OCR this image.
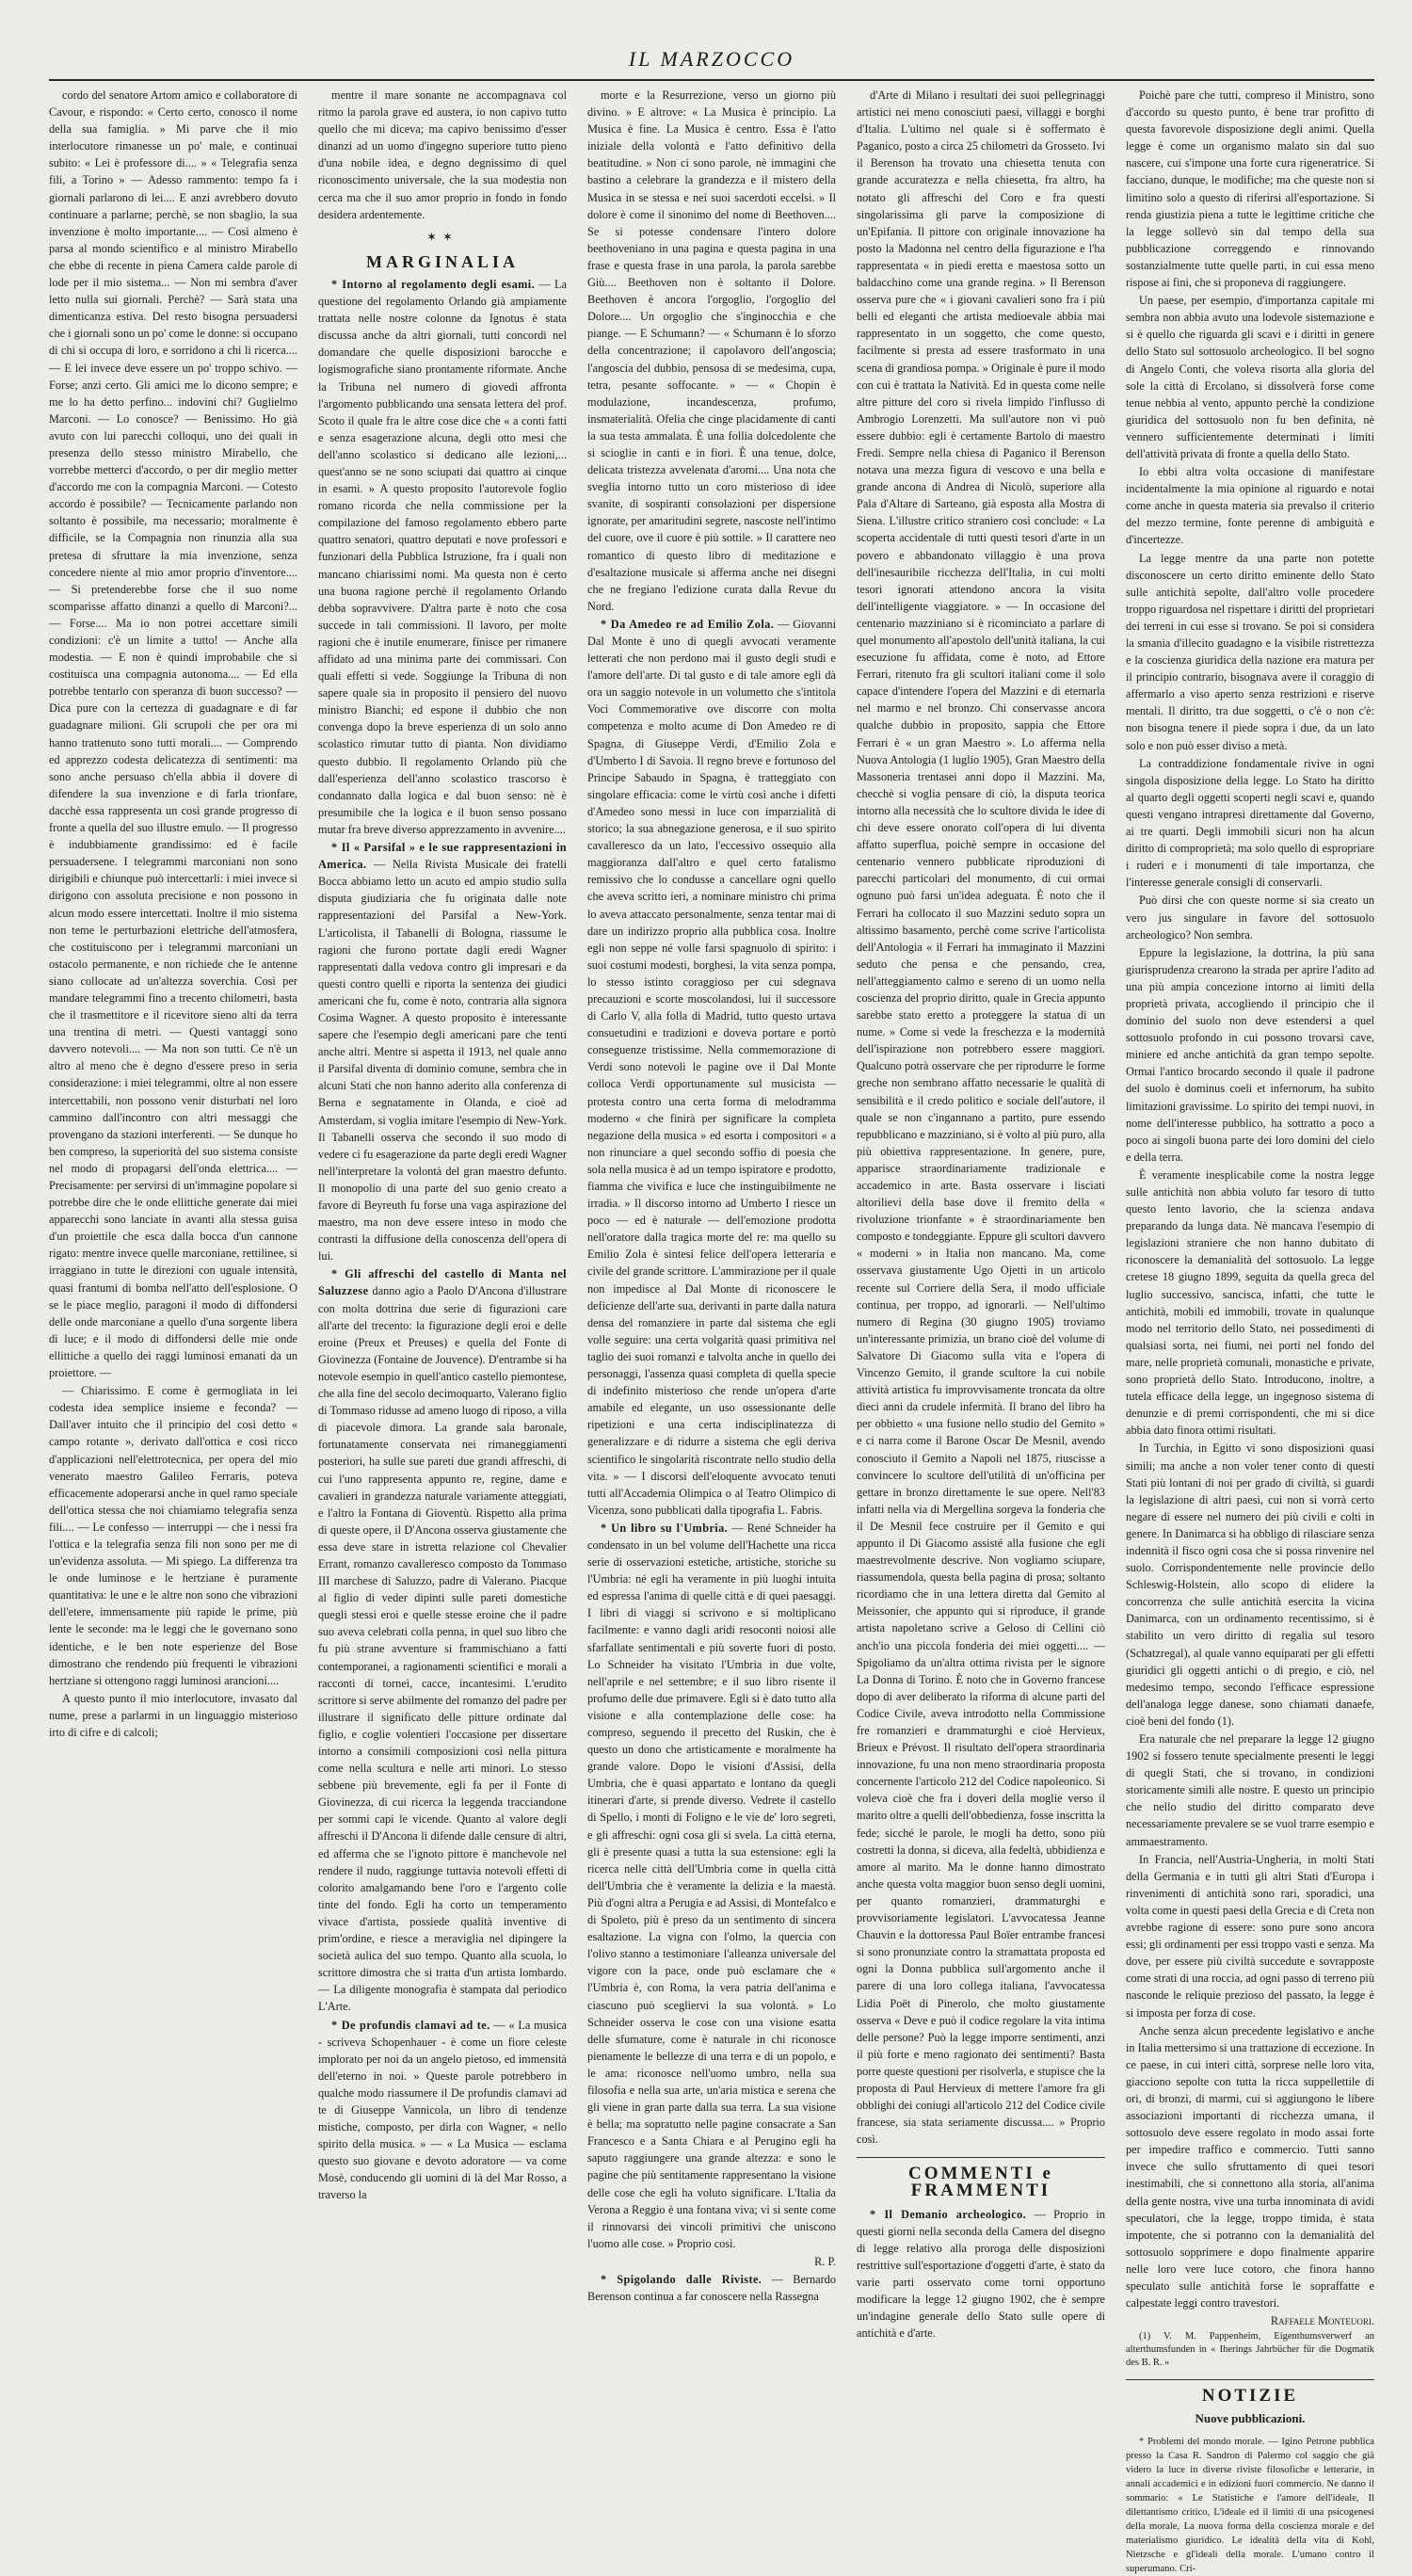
IL MARZOCCO

cordo del senatore Artom amico e collaboratore di Cavour, e rispondo: « Certo certo, conosco il nome della sua famiglia. » Mi parve che il mio interlocutore rimanesse un po' male, e continuai subito: « Lei è professore di.... » « Telegrafia senza fili, a Torino » — Adesso rammento: tempo fa i giornali parlarono di lei.... E anzi avrebbero dovuto continuare a parlarne; perchè, se non sbaglio, la sua invenzione è molto importante.... — Così almeno è parsa al mondo scientifico e al ministro Mirabello che ebbe di recente in piena Camera calde parole di lode per il mio sistema... — Non mi sembra d'aver letto nulla sui giornali. Perchè? — Sarà stata una dimenticanza estiva. Del resto bisogna persuadersi che i giornali sono un po' come le donne: si occupano di chi si occupa di loro, e sorridono a chi li ricerca.... — E lei invece deve essere un po' troppo schivo. — Forse; anzi certo. Gli amici me lo dicono sempre; e me lo ha detto perfino... indovini chi? Guglielmo Marconi. — Lo conosce? — Benissimo. Ho già avuto con lui parecchi colloqui, uno dei quali in presenza dello stesso ministro Mirabello, che vorrebbe metterci d'accordo, o per dir meglio metter d'accordo me con la compagnia Marconi. — Cotesto accordo è possibile? — Tecnicamente parlando non soltanto è possibile, ma necessario; moralmente è difficile, se la Compagnia non rinunzia alla sua pretesa di sfruttare la mia invenzione, senza concedere niente al mio amor proprio d'inventore.... — Si pretenderebbe forse che il suo nome scomparisse affatto dinanzi a quello di Marconi?... — Forse.... Ma io non potrei accettare simili condizioni: c'è un limite a tutto! — Anche alla modestia. — E non è quindi improbabile che si costituisca una compagnia autonoma.... — Ed ella potrebbe tentarlo con speranza di buon successo? — Dica pure con la certezza di guadagnare e di far guadagnare milioni. Gli scrupoli che per ora mi hanno trattenuto sono tutti morali.... — Comprendo ed apprezzo codesta delicatezza di sentimenti: ma sono anche persuaso ch'ella abbia il dovere di difendere la sua invenzione e di farla trionfare, dacchè essa rappresenta un così grande progresso di fronte a quella del suo illustre emulo. — Il progresso è indubbiamente grandissimo: ed è facile persuadersene. I telegrammi marconiani non sono dirigibili e chiunque può intercettarli: i miei invece si dirigono con assoluta precisione e non possono in alcun modo essere intercettati. Inoltre il mio sistema non teme le perturbazioni elettriche dell'atmosfera, che costituiscono per i telegrammi marconiani un ostacolo permanente, e non richiede che le antenne siano collocate ad un'altezza soverchia. Così per mandare telegrammi fino a trecento chilometri, basta che il trasmettitore e il ricevitore sieno alti da terra una trentina di metri. — Questi vantaggi sono davvero notevoli.... — Ma non son tutti. Ce n'è un altro al meno che è degno d'essere preso in seria considerazione: i miei telegrammi, oltre al non essere intercettabili, non possono venir disturbati nel loro cammino dall'incontro con altri messaggi che provengano da stazioni interferenti. — Se dunque ho ben compreso, la superiorità del suo sistema consiste nel modo di propagarsi dell'onda elettrica.... — Precisamente: per servirsi di un'immagine popolare si potrebbe dire che le onde ellittiche generate dai miei apparecchi sono lanciate in avanti alla stessa guisa d'un proiettile che esca dalla bocca d'un cannone rigato: mentre invece quelle marconiane, rettilinee, si irraggiano in tutte le direzioni con uguale intensità, quasi frantumi di bomba nell'atto dell'esplosione. O se le piace meglio, paragoni il modo di diffondersi delle onde marconiane a quello d'una sorgente libera di luce; e il modo di diffondersi delle mie onde ellittiche a quello dei raggi luminosi emanati da un proiettore. —

— Chiarissimo. E come è germogliata in lei codesta idea semplice insieme e feconda? — Dall'aver intuito che il principio del così detto « campo rotante », derivato dall'ottica e così ricco d'applicazioni nell'elettrotecnica, per opera del mio venerato maestro Galileo Ferraris, poteva efficacemente adoperarsi anche in quel ramo speciale dell'ottica stessa che noi chiamiamo telegrafia senza fili.... — Le confesso — interruppi — che i nessi fra l'ottica e la telegrafia senza fili non sono per me di un'evidenza assoluta. — Mi spiego. La differenza tra le onde luminose e le hertziane è puramente quantitativa: le une e le altre non sono che vibrazioni dell'etere, immensamente più rapide le prime, più lente le seconde: ma le leggi che le governano sono identiche, e le ben note esperienze del Bose dimostrano che rendendo più frequenti le vibrazioni hertziane si ottengono raggi luminosi arancioni....

A questo punto il mio interlocutore, invasato dal nume, prese a parlarmi in un linguaggio misterioso irto di cifre e di calcoli;

mentre il mare sonante ne accompagnava col ritmo la parola grave ed austera, io non capivo tutto quello che mi diceva; ma capivo benissimo d'esser dinanzi ad un uomo d'ingegno superiore tutto pieno d'una nobile idea, e degno degnissimo di quel riconoscimento universale, che la sua modestia non cerca ma che il suo amor proprio in fondo in fondo desidera ardentemente.

✶✶
MARGINALIA

* Intorno al regolamento degli esami. — La questione del regolamento Orlando già ampiamente trattata nelle nostre colonne da Ignotus è stata discussa anche da altri giornali, tutti concordi nel domandare che quelle disposizioni barocche e logismografiche siano prontamente riformate. Anche la Tribuna nel numero di giovedì affronta l'argomento pubblicando una sensata lettera del prof. Scoto il quale fra le altre cose dice che « a conti fatti e senza esagerazione alcuna, degli otto mesi che dell'anno scolastico si dedicano alle lezioni,... quest'anno se ne sono sciupati dai quattro ai cinque in esami. » A questo proposito l'autorevole foglio romano ricorda che nella commissione per la compilazione del famoso regolamento ebbero parte quattro senatori, quattro deputati e nove professori e funzionari della Pubblica Istruzione, fra i quali non mancano chiarissimi nomi. Ma questa non è certo una buona ragione perchè il regolamento Orlando debba sopravvivere. D'altra parte è noto che cosa succede in tali commissioni. Il lavoro, per molte ragioni che è inutile enumerare, finisce per rimanere affidato ad una minima parte dei commissari. Con quali effetti si vede. Soggiunge la Tribuna di non sapere quale sia in proposito il pensiero del nuovo ministro Bianchi; ed espone il dubbio che non convenga dopo la breve esperienza di un solo anno scolastico rimutar tutto di pianta. Non dividiamo questo dubbio. Il regolamento Orlando più che dall'esperienza dell'anno scolastico trascorso è condannato dalla logica e dal buon senso: nè è presumibile che la logica e il buon senso possano mutar fra breve diverso apprezzamento in avvenire....

* Il « Parsifal » e le sue rappresentazioni in America. — Nella Rivista Musicale dei fratelli Bocca abbiamo letto un acuto ed ampio studio sulla disputa giudiziaria che fu originata dalle note rappresentazioni del Parsifal a New-York. L'articolista, il Tabanelli di Bologna, riassume le ragioni che furono portate dagli eredi Wagner rappresentati dalla vedova contro gli impresari e da questi contro quelli e riporta la sentenza dei giudici americani che fu, come è noto, contraria alla signora Cosima Wagner. A questo proposito è interessante sapere che l'esempio degli americani pare che tenti anche altri. Mentre si aspetta il 1913, nel quale anno il Parsifal diventa di dominio comune, sembra che in alcuni Stati che non hanno aderito alla conferenza di Berna e segnatamente in Olanda, e cioè ad Amsterdam, si voglia imitare l'esempio di New-York. Il Tabanelli osserva che secondo il suo modo di vedere ci fu esagerazione da parte degli eredi Wagner nell'interpretare la volontà del gran maestro defunto. Il monopolio di una parte del suo genio creato a favore di Beyreuth fu forse una vaga aspirazione del maestro, ma non deve essere inteso in modo che contrasti la diffusione della conoscenza dell'opera di lui.

* Gli affreschi del castello di Manta nel Saluzzese danno agio a Paolo D'Ancona d'illustrare con molta dottrina due serie di figurazioni care all'arte del trecento: la figurazione degli eroi e delle eroine (Preux et Preuses) e quella del Fonte di Giovinezza (Fontaine de Jouvence). D'entrambe si ha notevole esempio in quell'antico castello piemontese, che alla fine del secolo decimoquarto, Valerano figlio di Tommaso ridusse ad ameno luogo di riposo, a villa di piacevole dimora. La grande sala baronale, fortunatamente conservata nei rimaneggiamenti posteriori, ha sulle sue pareti due grandi affreschi, di cui l'uno rappresenta appunto re, regine, dame e cavalieri in grandezza naturale variamente atteggiati, e l'altro la Fontana di Gioventù. Rispetto alla prima di queste opere, il D'Ancona osserva giustamente che essa deve stare in istretta relazione col Chevalier Errant, romanzo cavalleresco composto da Tommaso III marchese di Saluzzo, padre di Valerano. Piacque al figlio di veder dipinti sulle pareti domestiche quegli stessi eroi e quelle stesse eroine che il padre suo aveva celebrati colla penna, in quel suo libro che fu più strane avventure si frammischiano a fatti contemporanei, a ragionamenti scientifici e morali a racconti di torneì, cacce, incantesimi. L'erudito scrittore si serve abilmente del romanzo del padre per illustrare il significato delle pitture ordinate dal figlio, e coglie volentieri l'occasione per dissertare intorno a consimili composizioni così nella pittura come nella scultura e nelle arti minori. Lo stesso sebbene più brevemente, egli fa per il Fonte di Giovinezza, di cui ricerca la leggenda tracciandone per sommi capi le vicende. Quanto al valore degli affreschi il D'Ancona li difende dalle censure di altri, ed afferma che se l'ignoto pittore è manchevole nel rendere il nudo, raggiunge tuttavia notevoli effetti di colorito amalgamando bene l'oro e l'argento colle tinte del fondo. Egli ha corto un temperamento vivace d'artista, possiede qualità inventive di prim'ordine, e riesce a meraviglia nel dipingere la società aulica del suo tempo. Quanto alla scuola, lo scrittore dimostra che si tratta d'un artista lombardo. — La diligente monografia è stampata dal periodico L'Arte.

* De profundis clamavi ad te. — « La musica - scriveva Schopenhauer - è come un fiore celeste implorato per noi da un angelo pietoso, ed immensità dell'eterno in noi. » Queste parole potrebbero in qualche modo riassumere il De profundis clamavi ad te di Giuseppe Vannicola, un libro di tendenze mistiche, composto, per dirla con Wagner, « nello spirito della musica. » — « La Musica — esclama questo suo giovane e devoto adoratore — va come Mosè, conducendo gli uomini di là del Mar Rosso, a traverso la

morte e la Resurrezione, verso un giorno più divino. » E altrove: « La Musica è principio. La Musica è fine. La Musica è centro. Essa è l'atto iniziale della volontà e l'atto definitivo della beatitudine. » Non ci sono parole, nè immagini che bastino a celebrare la grandezza e il mistero della Musica in se stessa e nei suoi sacerdoti eccelsi. » Il dolore è come il sinonimo del nome di Beethoven.... Se si potesse condensare l'intero dolore beethoveniano in una pagina e questa pagina in una frase e questa frase in una parola, la parola sarebbe Giù.... Beethoven non è soltanto il Dolore. Beethoven è ancora l'orgoglio, l'orgoglio del Dolore.... Un orgoglio che s'inginocchia e che piange. — E Schumann? — « Schumann è lo sforzo della concentrazione; il capolavoro dell'angoscia; l'angoscia del dubbio, pensosa di se medesima, cupa, tetra, pesante soffocante. » — « Chopin è modulazione, incandescenza, profumo, insmaterialità. Ofelia che cinge placidamente di canti la sua testa ammalata. È una follia dolcedolente che si scioglie in canti e in fiori. È una tenue, dolce, delicata tristezza avvelenata d'aromi.... Una nota che sveglia intorno tutto un coro misterioso di idee svanite, di sospiranti consolazioni per dispersione ignorate, per amaritudini segrete, nascoste nell'intimo del cuore, ove il cuore è più sottile. » Il carattere neo romantico di questo libro di meditazione e d'esaltazione musicale si afferma anche nei disegni che ne fregiano l'edizione curata dalla Revue du Nord.

* Da Amedeo re ad Emilio Zola. — Giovanni Dal Monte è uno di quegli avvocati veramente letterati che non perdono mai il gusto degli studi e l'amore dell'arte. Di tal gusto e di tale amore egli dà ora un saggio notevole in un volumetto che s'intitola Voci Commemorative ove discorre con molta competenza e molto acume di Don Amedeo re di Spagna, di Giuseppe Verdi, d'Emilio Zola e d'Umberto I di Savoia. Il regno breve e fortunoso del Principe Sabaudo in Spagna, è tratteggiato con singolare efficacia: come le virtù così anche i difetti d'Amedeo sono messi in luce con imparzialità di storico; la sua abnegazione generosa, e il suo spirito cavalleresco da un lato, l'eccessivo ossequio alla maggioranza dall'altro e quel certo fatalismo remissivo che lo condusse a cancellare ogni quello che aveva scritto ieri, a nominare ministro chi prima lo aveva attaccato personalmente, senza tentar mai di dare un indirizzo proprio alla pubblica cosa. Inoltre egli non seppe né volle farsi spagnuolo di spirito: i suoi costumi modesti, borghesi, la vita senza pompa, lo stesso istinto coraggioso per cui sdegnava precauzioni e scorte moscolandosi, lui il successore di Carlo V, alla folla di Madrid, tutto questo urtava consuetudini e tradizioni e doveva portare e portò conseguenze tristissime. Nella commemorazione di Verdi sono notevoli le pagine ove il Dal Monte colloca Verdi opportunamente sul musicista — protesta contro una certa forma di melodramma moderno « che finirà per significare la completa negazione della musica » ed esorta i compositori « a non rinunciare a quel secondo soffio di poesia che sola nella musica è ad un tempo ispiratore e prodotto, fiamma che vivifica e luce che instinguibilmente ne irradia. » Il discorso intorno ad Umberto I riesce un poco — ed è naturale — dell'emozione prodotta nell'oratore dalla tragica morte del re: ma quello su Emilio Zola è sintesi felice dell'opera letteraria e civile del grande scrittore. L'ammirazione per il quale non impedisce al Dal Monte di riconoscere le deficienze dell'arte sua, derivanti in parte dalla natura densa del romanziere in parte dal sistema che egli volle seguire: una certa volgarità quasi primitiva nel taglio dei suoi romanzi e talvolta anche in quello dei personaggi, l'assenza quasi completa di quella specie di indefinito misterioso che rende un'opera d'arte amabile ed elegante, un uso ossessionante delle ripetizioni e una certa indisciplinatezza di generalizzare e di ridurre a sistema che egli deriva scientifico le singolarità riscontrate nello studio della vita. » — I discorsi dell'eloquente avvocato tenuti tutti all'Accademia Olimpica o al Teatro Olimpico di Vicenza, sono pubblicati dalla tipografia L. Fabris.

* Un libro su l'Umbria. — René Schneider ha condensato in un bel volume dell'Hachette una ricca serie di osservazioni estetiche, artistiche, storiche su l'Umbria: né egli ha veramente in più luoghi intuita ed espressa l'anima di quelle città e di quei paesaggi. I libri di viaggi si scrivono e si moltiplicano facilmente: e vanno dagli aridi resoconti noiosi alle sfarfallate sentimentali e più soverte fuori di posto. Lo Schneider ha visitato l'Umbria in due volte, nell'aprile e nel settembre; e il suo libro risente il profumo delle due primavere. Egli si è dato tutto alla visione e alla contemplazione delle cose: ha compreso, seguendo il precetto del Ruskin, che è questo un dono che artisticamente e moralmente ha grande valore. Dopo le visioni d'Assisi, della Umbria, che è quasi appartato e lontano da quegli itinerari d'arte, si prende diverso. Vedrete il castello di Spello, i monti di Foligno e le vie de' loro segreti, e gli affreschi: ogni cosa gli si svela. La città eterna, gli è presente quasi a tutta la sua estensione: egli la ricerca nelle città dell'Umbria come in quella città dell'Umbria che è veramente la delizia e la maestà. Più d'ogni altra a Perugia e ad Assisi, di Montefalco e di Spoleto, più è preso da un sentimento di sincera esaltazione. La vigna con l'olmo, la quercia con l'olivo stanno a testimoniare l'alleanza universale del vigore con la pace, onde può esclamare che « l'Umbria è, con Roma, la vera patria dell'anima e ciascuno può scegliervi la sua volontà. » Lo Schneider osserva le cose con una visione esatta delle sfumature, come è naturale in chi riconosce pienamente le bellezze di una terra e di un popolo, e le ama: riconosce nell'uomo umbro, nella sua filosofia e nella sua arte, un'aria mistica e serena che gli viene in gran parte dalla sua terra. La sua visione è bella; ma sopratutto nelle pagine consacrate a San Francesco e a Santa Chiara e al Perugino egli ha saputo raggiungere una grande altezza: e sono le pagine che più sentitamente rappresentano la visione delle cose che egli ha voluto significare. L'Italia da Verona a Reggio è una fontana viva; vi si sente come il rinnovarsi dei vincoli primitivi che uniscono l'uomo alle cose. » Proprio così.

R. P.

* Spigolando dalle Riviste. — Bernardo Berenson continua a far conoscere nella Rassegna

d'Arte di Milano i resultati dei suoi pellegrinaggi artistici nei meno conosciuti paesi, villaggi e borghi d'Italia. L'ultimo nel quale si è soffermato è Paganico, posto a circa 25 chilometri da Grosseto. Ivi il Berenson ha trovato una chiesetta tenuta con grande accuratezza e nella chiesetta, fra altro, ha notato gli affreschi del Coro e fra questi singolarissima gli parve la composizione di un'Epifania. Il pittore con originale innovazione ha posto la Madonna nel centro della figurazione e l'ha rappresentata « in piedi eretta e maestosa sotto un baldacchino come una grande regina. » Il Berenson osserva pure che « i giovani cavalieri sono fra i più belli ed eleganti che artista medioevale abbia mai rappresentato in un soggetto, che come questo, facilmente si presta ad essere trasformato in una scena di grandiosa pompa. » Originale è pure il modo con cui è trattata la Natività. Ed in questa come nelle altre pitture del coro si rivela limpido l'influsso di Ambrogio Lorenzetti. Ma sull'autore non vi può essere dubbio: egli è certamente Bartolo di maestro Fredi. Sempre nella chiesa di Paganico il Berenson notava una mezza figura di vescovo e una bella e grande ancona di Andrea di Nicolò, superiore alla Pala d'Altare di Sarteano, già esposta alla Mostra di Siena. L'illustre critico straniero così conclude: « La scoperta accidentale di tutti questi tesori d'arte in un povero e abbandonato villaggio è una prova dell'inesauribile ricchezza dell'Italia, in cui molti tesori ignorati attendono ancora la visita dell'intelligente viaggiatore. » — In occasione del centenario mazziniano si è ricominciato a parlare di quel monumento all'apostolo dell'unità italiana, la cui esecuzione fu affidata, come è noto, ad Ettore Ferrari, ritenuto fra gli scultori italiani come il solo capace d'intendere l'opera del Mazzini e di eternarla nel marmo e nel bronzo. Chi conservasse ancora qualche dubbio in proposito, sappia che Ettore Ferrari è « un gran Maestro ». Lo afferma nella Nuova Antologia (1 luglio 1905), Gran Maestro della Massoneria trentasei anni dopo il Mazzini. Ma, checchè si voglia pensare di ciò, la disputa teorica intorno alla necessità che lo scultore divida le idee di chi deve essere onorato coll'opera di lui diventa affatto superflua, poichè sempre in occasione del centenario vennero pubblicate riproduzioni di parecchi particolari del monumento, di cui ormai ognuno può farsi un'idea adeguata. È noto che il Ferrari ha collocato il suo Mazzini seduto sopra un altissimo basamento, perchè come scrive l'articolista dell'Antologia « il Ferrari ha immaginato il Mazzini seduto che pensa e che pensando, crea, nell'atteggiamento calmo e sereno di un uomo nella coscienza del proprio diritto, quale in Grecia appunto sarebbe stato eretto a proteggere la statua di un nume. » Come si vede la freschezza e la modernità dell'ispirazione non potrebbero essere maggiori. Qualcuno potrà osservare che per riprodurre le forme greche non sembrano affatto necessarie le qualità di sensibilità e il credo politico e sociale dell'autore, il quale se non c'ingannano a partito, pure essendo repubblicano e mazziniano, si è volto al più puro, alla più obiettiva rappresentazione. In genere, pure, apparisce straordinariamente tradizionale e accademico in arte. Basta osservare i lisciati altorilievi della base dove il fremito della « rivoluzione trionfante » è straordinariamente ben composto e tondeggiante. Eppure gli scultori davvero « moderni » in Italia non mancano. Ma, come osservava giustamente Ugo Ojetti in un articolo recente sul Corriere della Sera, il modo ufficiale continua, per troppo, ad ignorarli. — Nell'ultimo numero di Regina (30 giugno 1905) troviamo un'interessante primizia, un brano cioè del volume di Salvatore Di Giacomo sulla vita e l'opera di Vincenzo Gemito, il grande scultore la cui nobile attività artistica fu improvvisamente troncata da oltre dieci anni da crudele infermità. Il brano del libro ha per obbietto « una fusione nello studio del Gemito » e ci narra come il Barone Oscar De Mesnil, avendo conosciuto il Gemito a Napoli nel 1875, riuscisse a convincere lo scultore dell'utilità di un'officina per gettare in bronzo direttamente le sue opere. Nell'83 infatti nella via di Mergellina sorgeva la fonderia che il De Mesnil fece costruire per il Gemito e qui appunto il Di Giacomo assisté alla fusione che egli maestrevolmente descrive. Non vogliamo sciupare, riassumendola, questa bella pagina di prosa; soltanto ricordiamo che in una lettera diretta dal Gemito al Meissonier, che appunto qui si riproduce, il grande artista napoletano scrive a Geloso di Cellini ciò anch'io una piccola fonderia dei miei oggetti.... — Spigoliamo da un'altra ottima rivista per le signore La Donna di Torino. È noto che in Governo francese dopo di aver deliberato la riforma di alcune parti del Codice Civile, aveva introdotto nella Commissione fre romanzieri e drammaturghi e cioè Hervieux, Brieux e Prévost. Il risultato dell'opera straordinaria innovazione, fu una non meno straordinaria proposta concernente l'articolo 212 del Codice napoleonico. Si voleva cioè che fra i doveri della moglie verso il marito oltre a quelli dell'obbedienza, fosse inscritta la fede; sicché le parole, le mogli ha detto, sono più costretti la donna, si diceva, alla fedeltà, ubbidienza e amore al marito. Ma le donne hanno dimostrato anche questa volta maggior buon senso degli uomini, per quanto romanzieri, drammaturghi e provvisoriamente legislatori. L'avvocatessa Jeanne Chauvin e la dottoressa Paul Boïer entrambe francesi si sono pronunziate contro la stramattata proposta ed ogni la Donna pubblica sull'argomento anche il parere di una loro collega italiana, l'avvocatessa Lidia Poët di Pinerolo, che molto giustamente osserva « Deve e può il codice regolare la vita intima delle persone? Può la legge imporre sentimenti, anzi il più forte e meno ragionato dei sentimenti? Basta porre queste questioni per risolverla, e stupisce che la proposta di Paul Hervieux di mettere l'amore fra gli obblighi dei coniugi all'articolo 212 del Codice civile francese, sia stata seriamente discussa.... » Proprio così.

COMMENTI e FRAMMENTI

* Il Demanio archeologico. — Proprio in questi giorni nella seconda della Camera del disegno di legge relativo alla proroga delle disposizioni restrittive sull'esportazione d'oggetti d'arte, è stato da varie parti osservato come torni opportuno modificare la legge 12 giugno 1902, che è sempre un'indagine generale dello Stato sulle opere di antichità e d'arte.

Poichè pare che tutti, compreso il Ministro, sono d'accordo su questo punto, è bene trar profitto di questa favorevole disposizione degli animi. Quella legge è come un organismo malato sin dal suo nascere, cui s'impone una forte cura rigeneratrice. Si facciano, dunque, le modifiche; ma che queste non si limitino solo a questo di riferirsi all'esportazione. Si renda giustizia piena a tutte le legittime critiche che la legge sollevò sin dal tempo della sua pubblicazione correggendo e rinnovando sostanzialmente tutte quelle parti, in cui essa meno rispose ai fini, che si proponeva di raggiungere.

Un paese, per esempio, d'importanza capitale mi sembra non abbia avuto una lodevole sistemazione e si è quello che riguarda gli scavi e i diritti in genere dello Stato sul sottosuolo archeologico. Il bel sogno di Angelo Conti, che voleva risorta alla gloria del sole la città di Ercolano, si dissolverà forse come tenue nebbia al vento, appunto perchè la condizione giuridica del sottosuolo non fu ben definita, nè vennero sufficientemente determinati i limiti dell'attività privata di fronte a quella dello Stato.

Io ebbi altra volta occasione di manifestare incidentalmente la mia opinione al riguardo e notai come anche in questa materia sia prevalso il criterio del mezzo termine, fonte perenne di ambiguità e d'incertezze.

La legge mentre da una parte non potette disconoscere un certo diritto eminente dello Stato sulle antichità sepolte, dall'altro volle procedere troppo riguardosa nel rispettare i diritti del proprietari dei terreni in cui esse si trovano. Se poi si considera la smania d'illecito guadagno e la visibile ristrettezza e la coscienza giuridica della nazione era matura per il principio contrario, bisognava avere il coraggio di affermarlo a viso aperto senza restrizioni e riserve mentali. Il diritto, tra due soggetti, o c'è o non c'è: non bisogna tenere il piede sopra i due, da un lato solo e non può esser diviso a metà.

La contraddizione fondamentale rivive in ogni singola disposizione della legge. Lo Stato ha diritto al quarto degli oggetti scoperti negli scavi e, quando questi vengano intrapresi direttamente dal Governo, ai tre quarti. Degli immobili sicuri non ha alcun diritto di comproprietà; ma solo quello di espropriare i ruderi e i monumenti di tale importanza, che l'interesse generale consigli di conservarli.

Può dirsi che con queste norme si sia creato un vero jus singulare in favore del sottosuolo archeologico? Non sembra.

Eppure la legislazione, la dottrina, la più sana giurisprudenza crearono la strada per aprire l'adito ad una più ampia concezione intorno ai limiti della proprietà privata, accogliendo il principio che il dominio del suolo non deve estendersi a quel sottosuolo profondo in cui possono trovarsi cave, miniere ed anche antichità da gran tempo sepolte. Ormai l'antico brocardo secondo il quale il padrone del suolo è dominus coeli et infernorum, ha subìto limitazioni gravissime. Lo spirito dei tempi nuovi, in nome dell'interesse pubblico, ha sottratto a poco a poco ai singoli buona parte dei loro domini del cielo e della terra.

È veramente inesplicabile come la nostra legge sulle antichità non abbia voluto far tesoro di tutto questo lento lavorio, che la scienza andava preparando da lunga data. Nè mancava l'esempio di legislazioni straniere che non hanno dubitato di riconoscere la demanialità del sottosuolo. La legge cretese 18 giugno 1899, seguita da quella greca del luglio successivo, sancisca, infatti, che tutte le antichità, mobili ed immobili, trovate in qualunque modo nel territorio dello Stato, nei possedimenti di qualsiasi sorta, nei fiumi, nei porti nel fondo del mare, nelle proprietà comunali, monastiche e private, sono proprietà dello Stato. Introducono, inoltre, a tutela efficace della legge, un ingegnoso sistema di denunzie e di premi corrispondenti, che mi si dice abbia dato finora ottimi risultati.

In Turchia, in Egitto vi sono disposizioni quasi simili; ma anche a non voler tener conto di questi Stati più lontani di noi per grado di civiltà, si guardi la legislazione di altri paesi, cui non si vorrà certo negare di essere nel numero dei più civili e colti in genere. In Danimarca si ha obbligo di rilasciare senza indennità il fisco ogni cosa che si possa rinvenire nel suolo. Corrispondentemente nelle provincie dello Schleswig-Holstein, allo scopo di elidere la concorrenza che sulle antichità esercita la vicina Danimarca, con un ordinamento recentissimo, si è stabilito un vero diritto di regalia sul tesoro (Schatzregal), al quale vanno equiparati per gli effetti giuridici gli oggetti antichi o di pregio, e ciò, nel medesimo tempo, secondo l'efficace espressione dell'analoga legge danese, sono chiamati danaefe, cioè beni del fondo (1).

Era naturale che nel preparare la legge 12 giugno 1902 si fossero tenute specialmente presenti le leggi di quegli Stati, che si trovano, in condizioni storicamente simili alle nostre. E questo un principio che nello studio del diritto comparato deve necessariamente prevalere se se vuol trarre esempio e ammaestramento.

In Francia, nell'Austria-Ungheria, in molti Stati della Germania e in tutti gli altri Stati d'Europa i rinvenimenti di antichità sono rari, sporadici, una volta come in questi paesi della Grecia e di Creta non avrebbe ragione di essere: sono pure sono ancora essi; gli ordinamenti per essi troppo vasti e senza. Ma dove, per essere più civiltà succedute e sovrapposte come strati di una roccia, ad ogni passo di terreno più nasconde le reliquie prezioso del passato, la legge è si imposta per forza di cose.

Anche senza alcun precedente legislativo e anche in Italia mettersimo si una trattazione di eccezione. In ce paese, in cui interi città, sorprese nelle loro vita, giacciono sepolte con tutta la ricca suppellettile di ori, di bronzi, di marmi, cui si aggiungono le libere associazioni importanti di ricchezza umana, il sottosuolo deve essere regolato in modo assai forte per impedire traffico e commercio. Tutti sanno invece che sullo sfruttamento di quei tesori inestimabili, che si connettono alla storia, all'anima della gente nostra, vive una turba innominata di avidi speculatori, che la legge, troppo timida, è stata impotente, che si potranno con la demanialità del sottosuolo sopprimere e dopo finalmente apparire nelle loro vere luce cotoro, che finora hanno speculato sulle antichità forse le sopraffatte e calpestate leggi contro travestori.

Raffaele Monteuori.

(1) V. M. Pappenheim, Eigenthumsverwerf an alterthumsfunden in « Iherings Jahrbücher für die Dogmatik des B. R. »

NOTIZIE
Nuove pubblicazioni.

* Problemi del mondo morale. — Igino Petrone pubblica presso la Casa R. Sandron di Palermo col saggio che già videro la luce in diverse riviste filosofiche e letterarie, in annali accademici e in edizioni fuori commercio. Ne danno il sommario: « Le Statistiche e l'amore dell'ideale, Il dilettantismo critico, L'ideale ed il limiti di una psicogenesi della morale, La nuova forma della coscienza morale e del materialismo giuridico. Le idealità della vita di Kohl, Nietzsche e gl'ideali della morale. L'umano contro il superumano. Cri-
